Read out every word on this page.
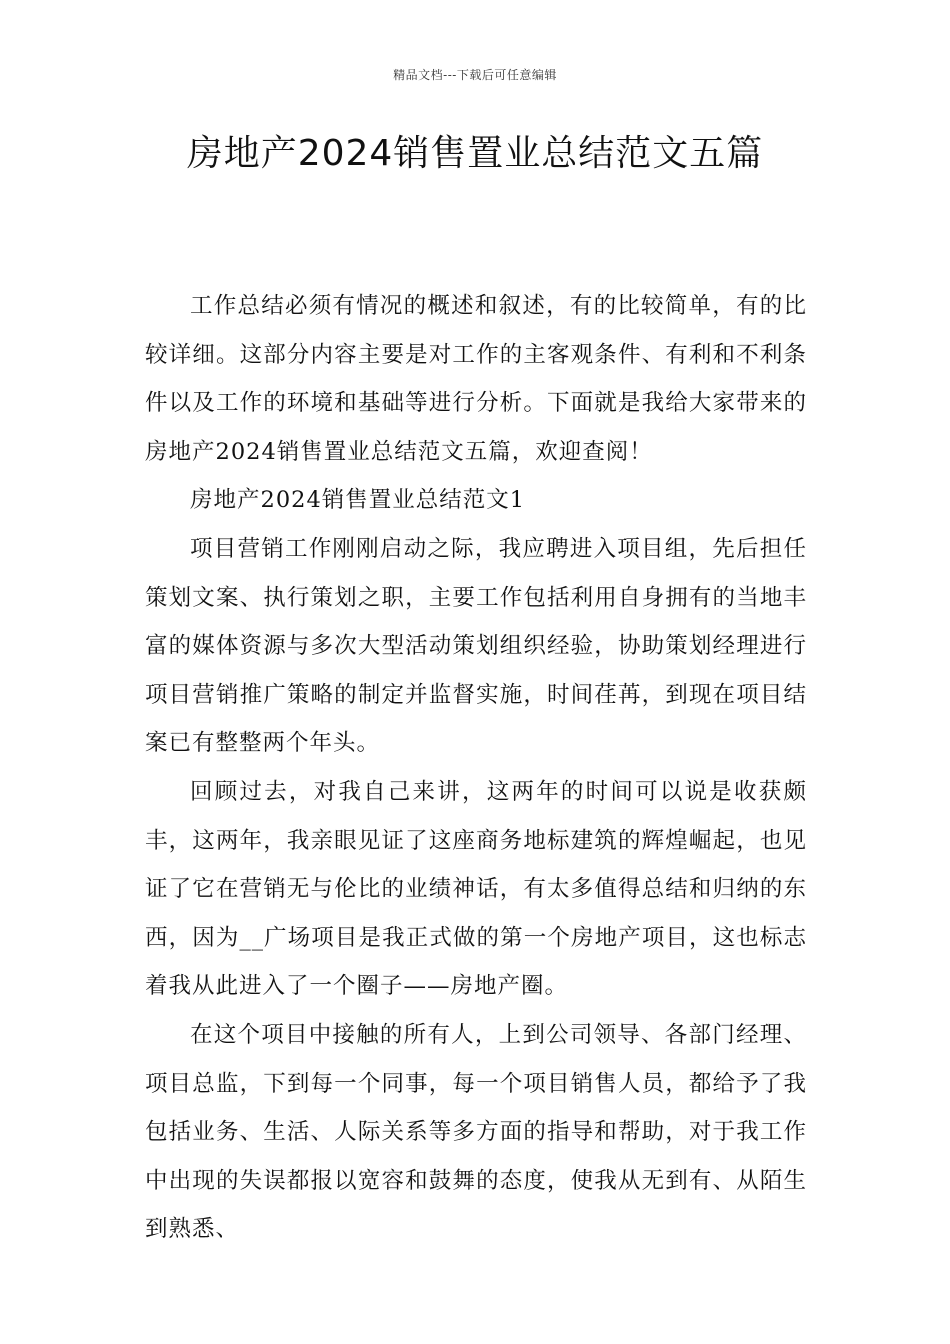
精品文档---下载后可任意编辑
房地产2024销售置业总结范文五篇

工作总结必须有情况的概述和叙述，有的比较简单，有的比较详细。这部分内容主要是对工作的主客观条件、有利和不利条件以及工作的环境和基础等进行分析。下面就是我给大家带来的房地产2024销售置业总结范文五篇，欢迎查阅！

房地产2024销售置业总结范文1

项目营销工作刚刚启动之际，我应聘进入项目组，先后担任策划文案、执行策划之职，主要工作包括利用自身拥有的当地丰富的媒体资源与多次大型活动策划组织经验，协助策划经理进行项目营销推广策略的制定并监督实施，时间荏苒，到现在项目结案已有整整两个年头。

回顾过去，对我自己来讲，这两年的时间可以说是收获颇丰，这两年，我亲眼见证了这座商务地标建筑的辉煌崛起，也见证了它在营销无与伦比的业绩神话，有太多值得总结和归纳的东西，因为__广场项目是我正式做的第一个房地产项目，这也标志着我从此进入了一个圈子——房地产圈。

在这个项目中接触的所有人，上到公司领导、各部门经理、项目总监，下到每一个同事，每一个项目销售人员，都给予了我包括业务、生活、人际关系等多方面的指导和帮助，对于我工作中出现的失误都报以宽容和鼓舞的态度，使我从无到有、从陌生到熟悉、
